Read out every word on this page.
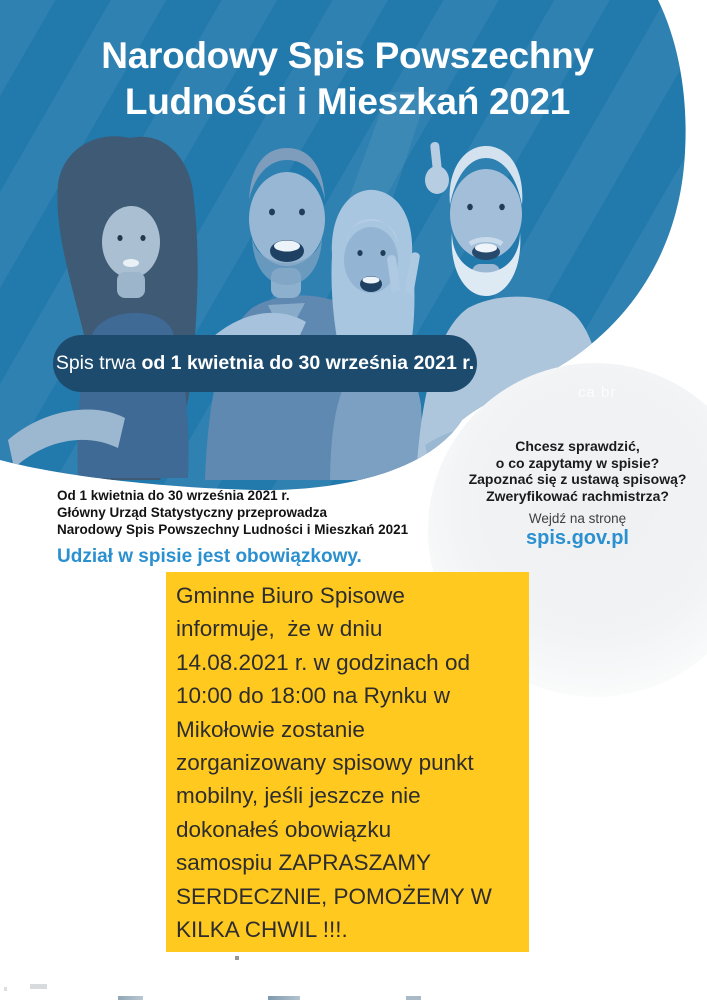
Narodowy Spis Powszechny
Ludności i Mieszkań 2021
Spis trwa od 1 kwietnia do 30 września 2021 r.
ca br
Chcesz sprawdzić,
o co zapytamy w spisie?
Zapoznać się z ustawą spisową?
Zweryfikować rachmistrza?
Wejdź na stronę
spis.gov.pl
Od 1 kwietnia do 30 września 2021 r.
Główny Urząd Statystyczny przeprowadza
Narodowy Spis Powszechny Ludności i Mieszkań 2021
Udział w spisie jest obowiązkowy.
Gminne Biuro Spisowe
informuje,  że w dniu
14.08.2021 r. w godzinach od
10:00 do 18:00 na Rynku w
Mikołowie zostanie
zorganizowany spisowy punkt
mobilny, jeśli jeszcze nie
dokonałeś obowiązku
samospiu ZAPRASZAMY
SERDECZNIE, POMOŻEMY W
KILKA CHWIL !!!.
